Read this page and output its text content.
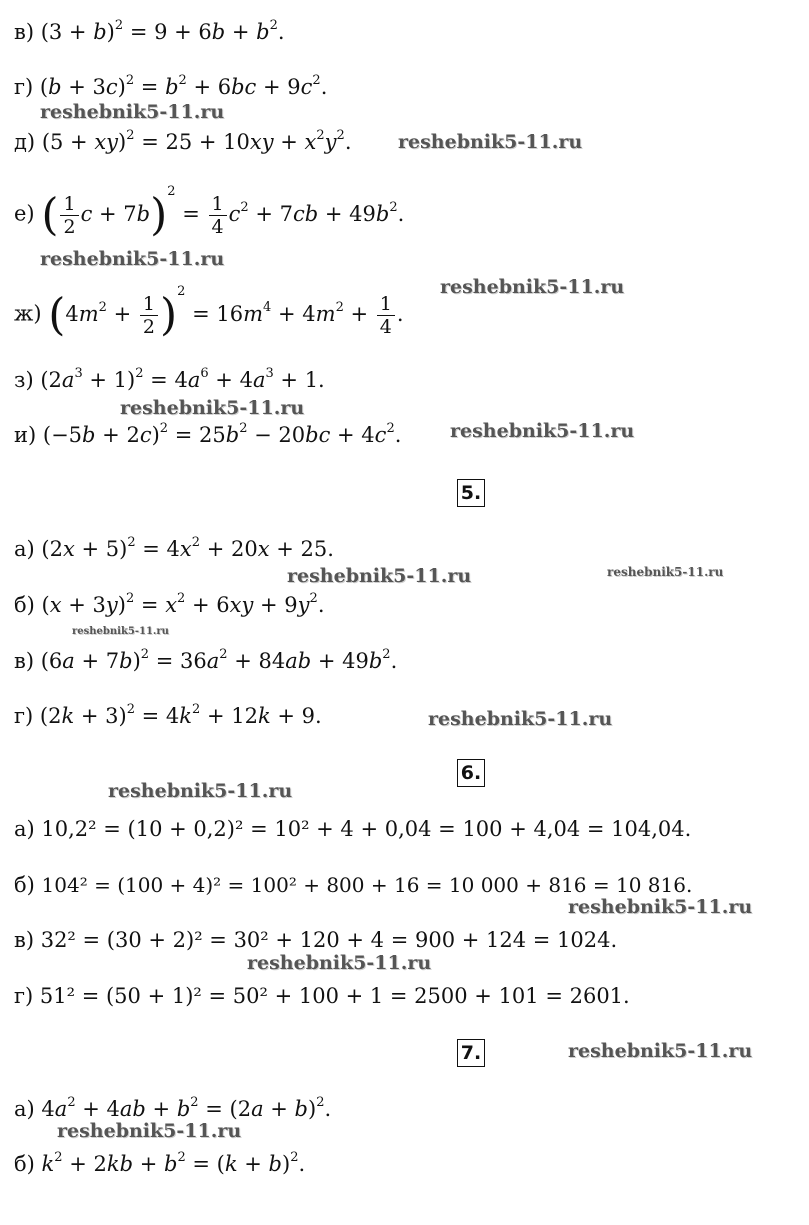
в) $(3 + b)^2 = 9 + 6b + b^2$.
г) $(b + 3c)^2 = b^2 + 6bc + 9c^2$.
reshebnik5-11.ru
д) $(5 + xy)^2 = 25 + 10xy + x^2y^2$. reshebnik5-11.ru
е) ( $\frac{1}{2}$ $c + 7b)^2 = \frac{1}{4} c^2 + 7cb + 49b^2$.
reshebnik5-11.ru
ж) $(4m^2 + \frac{1}{2} )^2 = 16m^4 + 4m^2 + \frac{1}{4}$ .
reshebnik5-11.ru
з) $(2a^3 + 1)^2 = 4a^6 + 4a^3 + 1$.
reshebnik5-11.ru
и) $(-5b + 2c)^2 = 25b^2 - 20bc + 4c^2$.	reshebnik5-11.ru
5.
а) $(2x + 5)^2 = 4x^2 + 20x + 25$.
reshebnik5-11.ru	reshebnik5-11.ru
б) $(x + 3y)^2 = x^2 + 6xy + 9y^2$.
reshebnik5-11.ru
в) $(6a + 7b)^2 = 36a^2 + 84ab + 49b^2$.
г) $(2k + 3)^2 = 4k^2 + 12k + 9$.	reshebnik5-11.ru
6.
reshebnik5-11.ru
а) 10,2² = (10 + 0,2)² = 10² + 4 + 0,04 = 100 + 4,04 = 104,04.
б) 104² = (100 + 4)² = 100² + 800 + 16 = 10 000 + 816 = 10 816.
reshebnik5-11.ru
в) 32² = (30 + 2)² = 30² + 120 + 4 = 900 + 124 = 1024.
reshebnik5-11.ru
г) 51² = (50 + 1)² = 50² + 100 + 1 = 2500 + 101 = 2601.
7.	reshebnik5-11.ru
а) $4a^2 + 4ab + b^2 = (2a + b)^2$.
reshebnik5-11.ru
б) $k^2 + 2kb + b^2 = (k + b)^2$.
